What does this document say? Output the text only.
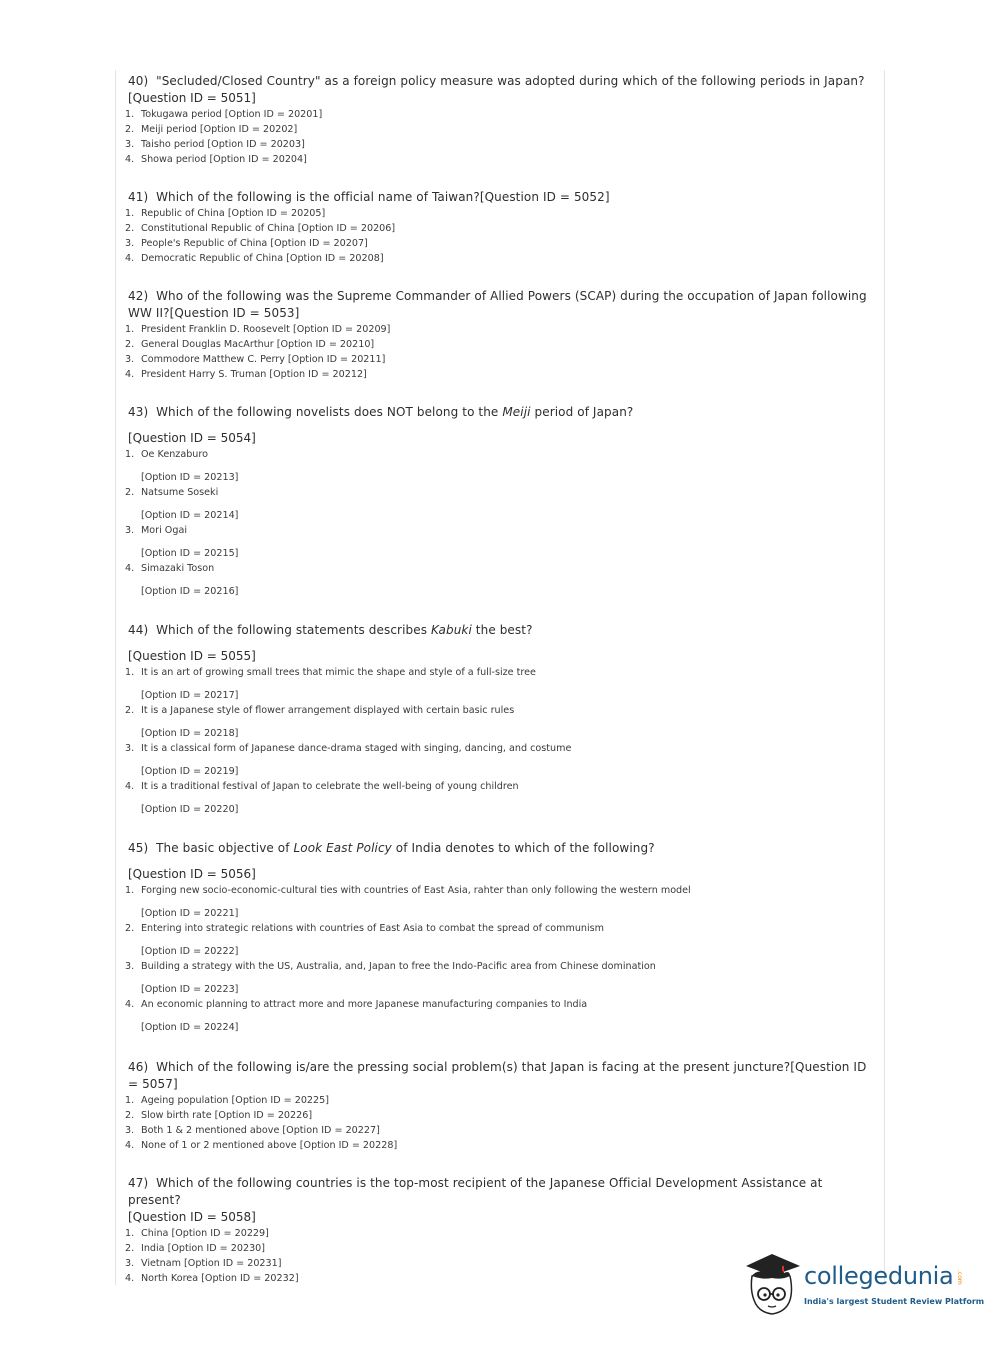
40)  "Secluded/Closed Country" as a foreign policy measure was adopted during which of the following periods in Japan?

[Question ID = 5051]

1. Tokugawa period [Option ID = 20201]
2. Meiji period [Option ID = 20202]
3. Taisho period [Option ID = 20203]
4. Showa period [Option ID = 20204]

41)  Which of the following is the official name of Taiwan?[Question ID = 5052]

1. Republic of China [Option ID = 20205]
2. Constitutional Republic of China [Option ID = 20206]
3. People's Republic of China [Option ID = 20207]
4. Democratic Republic of China [Option ID = 20208]

42)  Who of the following was the Supreme Commander of Allied Powers (SCAP) during the occupation of Japan following WW II?[Question ID = 5053]

1. President Franklin D. Roosevelt [Option ID = 20209]
2. General Douglas MacArthur [Option ID = 20210]
3. Commodore Matthew C. Perry [Option ID = 20211]
4. President Harry S. Truman [Option ID = 20212]

43)  Which of the following novelists does NOT belong to the Meiji period of Japan?

[Question ID = 5054]

1. Oe Kenzaburo
[Option ID = 20213]
2. Natsume Soseki
[Option ID = 20214]
3. Mori Ogai
[Option ID = 20215]
4. Simazaki Toson
[Option ID = 20216]

44)  Which of the following statements describes Kabuki the best?

[Question ID = 5055]

1. It is an art of growing small trees that mimic the shape and style of a full-size tree
[Option ID = 20217]
2. It is a Japanese style of flower arrangement displayed with certain basic rules
[Option ID = 20218]
3. It is a classical form of Japanese dance-drama staged with singing, dancing, and costume
[Option ID = 20219]
4. It is a traditional festival of Japan to celebrate the well-being of young children
[Option ID = 20220]

45)  The basic objective of Look East Policy of India denotes to which of the following?

[Question ID = 5056]

1. Forging new socio-economic-cultural ties with countries of East Asia, rahter than only following the western model
[Option ID = 20221]
2. Entering into strategic relations with countries of East Asia to combat the spread of communism
[Option ID = 20222]
3. Building a strategy with the US, Australia, and, Japan to free the Indo-Pacific area from Chinese domination
[Option ID = 20223]
4. An economic planning to attract more and more Japanese manufacturing companies to India
[Option ID = 20224]

46)  Which of the following is/are the pressing social problem(s) that Japan is facing at the present juncture?[Question ID = 5057]

1. Ageing population [Option ID = 20225]
2. Slow birth rate [Option ID = 20226]
3. Both 1 & 2 mentioned above [Option ID = 20227]
4. None of 1 or 2 mentioned above [Option ID = 20228]

47)  Which of the following countries is the top-most recipient of the Japanese Official Development Assistance at present?

[Question ID = 5058]

1. China [Option ID = 20229]
2. India [Option ID = 20230]
3. Vietnam [Option ID = 20231]
4. North Korea [Option ID = 20232]	collegedunia .com
India's largest Student Review Platform
